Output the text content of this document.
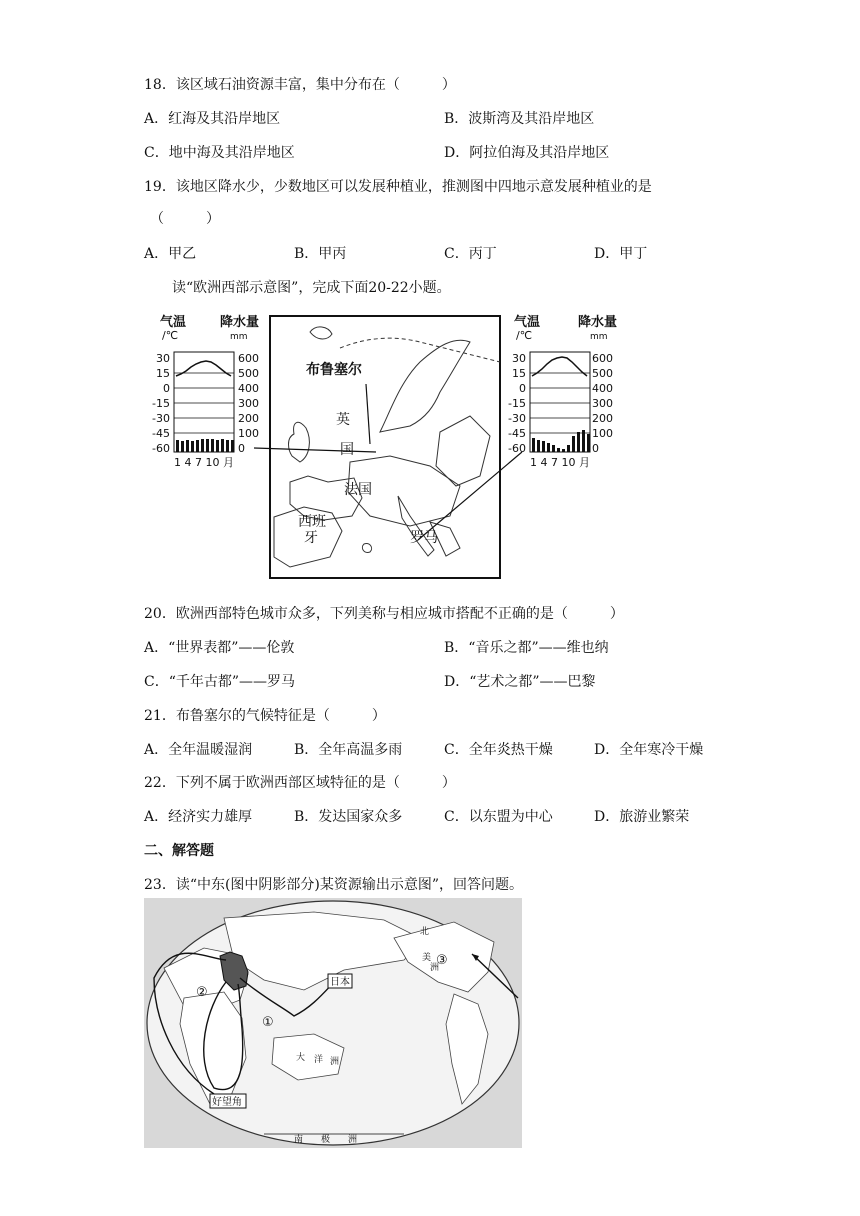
18．该区域石油资源丰富，集中分布在（　　　）
A．红海及其沿岸地区	B．波斯湾及其沿岸地区
C．地中海及其沿岸地区	D．阿拉伯海及其沿岸地区
19．该地区降水少，少数地区可以发展种植业，推测图中四地示意发展种植业的是
（　　　）
A．甲乙	B．甲丙	C．丙丁	D．甲丁
读“欧洲西部示意图”，完成下面20-22小题。
气温
/℃
降水量
mm
30
15
0
-15
-30
-45
-60
600
500
400
300
200
100
0
1 4 7 10 月
布鲁塞尔
英
国
法国
西班
牙	罗马
气温
/℃
降水量
mm
30
15
0
-15
-30
-45
-60
600
500
400
300
200
100
0
1 4 7 10 月
20．欧洲西部特色城市众多，下列美称与相应城市搭配不正确的是（　　　）
A．“世界表都”——伦敦	B．“音乐之都”——维也纳
C．“千年古都”——罗马	D．“艺术之都”——巴黎
21．布鲁塞尔的气候特征是（　　　）
A．全年温暖湿润	B．全年高温多雨	C．全年炎热干燥	D．全年寒冷干燥
22．下列不属于欧洲西部区域特征的是（　　　）
A．经济实力雄厚	B．发达国家众多	C．以东盟为中心	D．旅游业繁荣
二、解答题
23．读“中东(图中阴影部分)某资源输出示意图”，回答问题。
日本
好望角
①
②
③
北
美
洲
大 洋 洲
南　　极　　洲
